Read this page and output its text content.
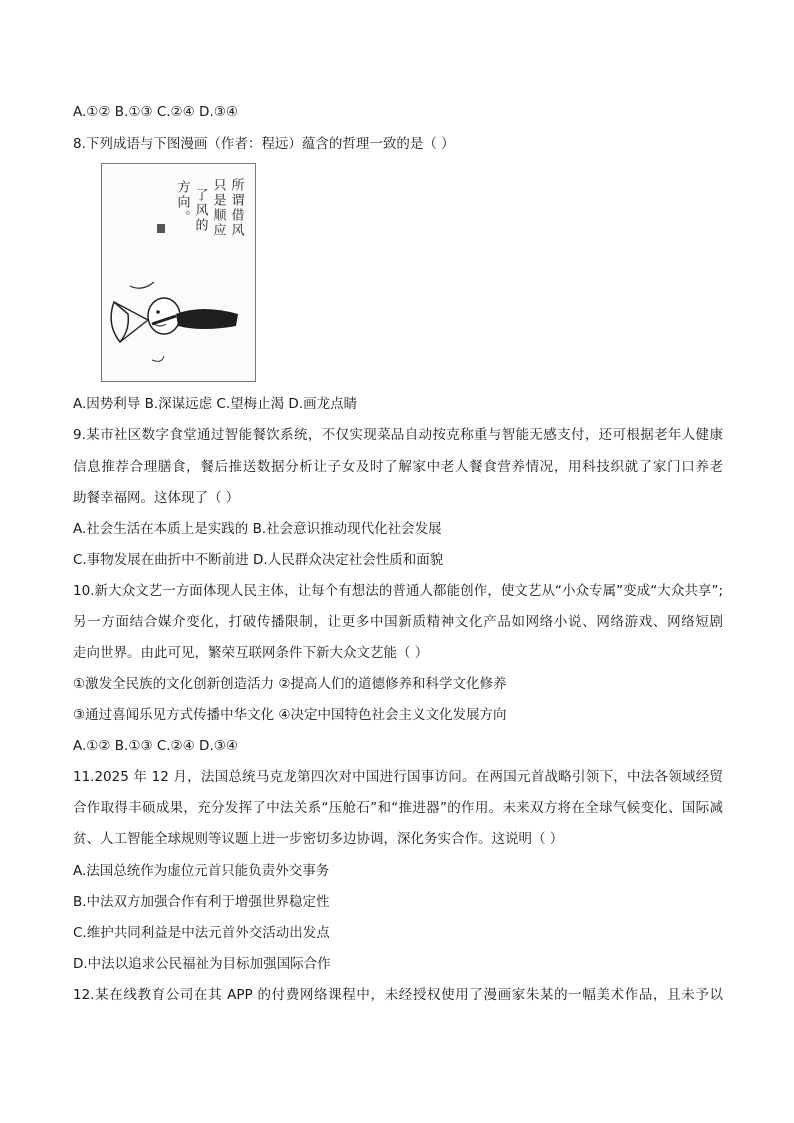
A.①② B.①③ C.②④ D.③④
8.下列成语与下图漫画（作者：程远）蕴含的哲理一致的是（ ）
所谓借风
只是顺应
了风的
方向。
A.因势利导 B.深谋远虑 C.望梅止渴 D.画龙点睛
9.某市社区数字食堂通过智能餐饮系统，不仅实现菜品自动按克称重与智能无感支付，还可根据老年人健康
信息推荐合理膳食，餐后推送数据分析让子女及时了解家中老人餐食营养情况，用科技织就了家门口养老
助餐幸福网。这体现了（ ）
A.社会生活在本质上是实践的 B.社会意识推动现代化社会发展
C.事物发展在曲折中不断前进 D.人民群众决定社会性质和面貌
10.新大众文艺一方面体现人民主体，让每个有想法的普通人都能创作，使文艺从“小众专属”变成“大众共享”;
另一方面结合媒介变化，打破传播限制，让更多中国新质精神文化产品如网络小说、网络游戏、网络短剧
走向世界。由此可见，繁荣互联网条件下新大众文艺能（ ）
①激发全民族的文化创新创造活力 ②提高人们的道德修养和科学文化修养
③通过喜闻乐见方式传播中华文化 ④决定中国特色社会主义文化发展方向
A.①② B.①③ C.②④ D.③④
11.2025 年 12 月，法国总统马克龙第四次对中国进行国事访问。在两国元首战略引领下，中法各领域经贸
合作取得丰硕成果，充分发挥了中法关系“压舱石”和“推进器”的作用。未来双方将在全球气候变化、国际减
贫、人工智能全球规则等议题上进一步密切多边协调，深化务实合作。这说明（ ）
A.法国总统作为虚位元首只能负责外交事务
B.中法双方加强合作有利于增强世界稳定性
C.维护共同利益是中法元首外交活动出发点
D.中法以追求公民福祉为目标加强国际合作
12.某在线教育公司在其 APP 的付费网络课程中，未经授权使用了漫画家朱某的一幅美术作品，且未予以
